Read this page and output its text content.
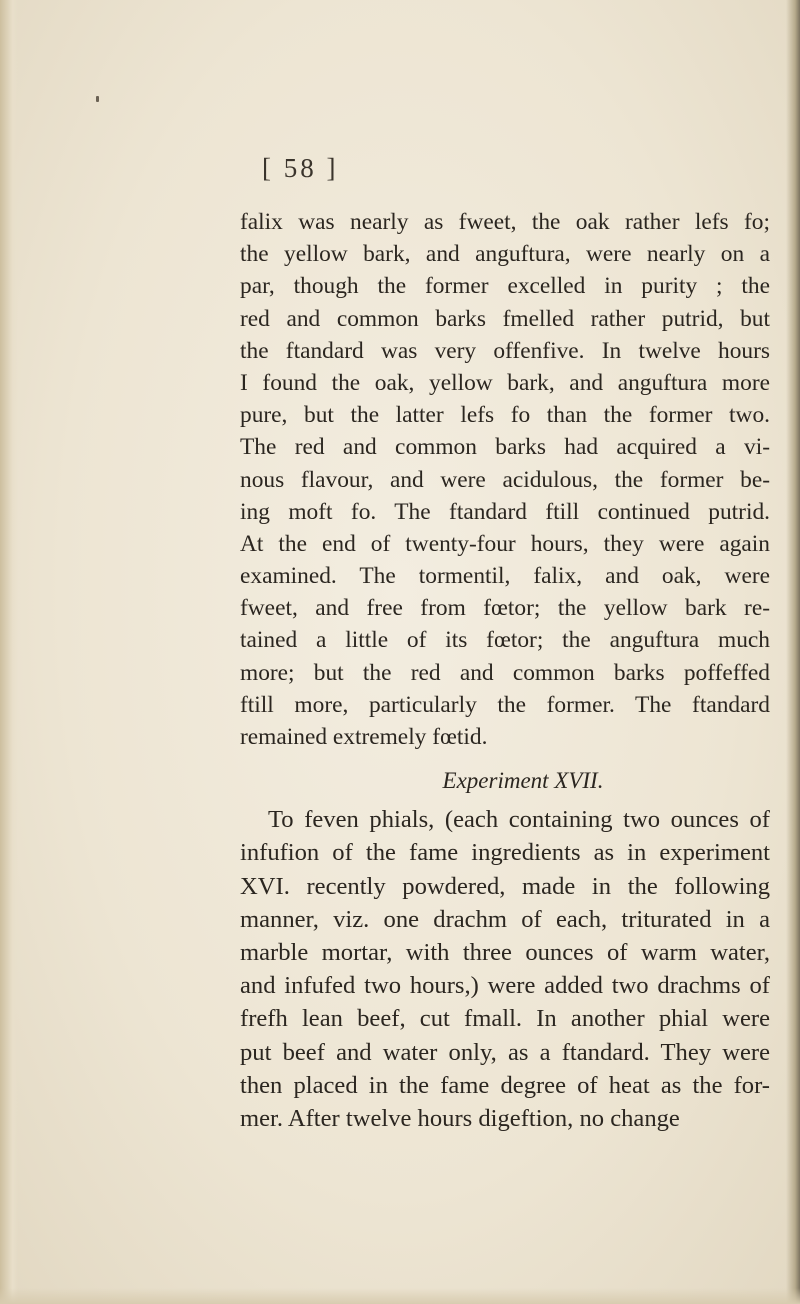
[ 58 ]
falix was nearly as fweet, the oak rather lefs fo;
the yellow bark, and anguftura, were nearly on a
par, though the former excelled in purity ; the
red and common barks fmelled rather putrid, but
the ftandard was very offenfive. In twelve hours
I found the oak, yellow bark, and anguftura more
pure, but the latter lefs fo than the former two.
The red and common barks had acquired a vi-
nous flavour, and were acidulous, the former be-
ing moft fo. The ftandard ftill continued putrid.
At the end of twenty-four hours, they were again
examined. The tormentil, falix, and oak, were
fweet, and free from fœtor; the yellow bark re-
tained a little of its fœtor; the anguftura much
more; but the red and common barks poffeffed
ftill more, particularly the former. The ftandard
remained extremely fœtid.
Experiment XVII.
To feven phials, (each containing two ounces of
infufion of the fame ingredients as in experiment
XVI. recently powdered, made in the following
manner, viz. one drachm of each, triturated in a
marble mortar, with three ounces of warm water,
and infufed two hours,) were added two drachms of
frefh lean beef, cut fmall. In another phial were
put beef and water only, as a ftandard. They were
then placed in the fame degree of heat as the for-
mer. After twelve hours digeftion, no change
